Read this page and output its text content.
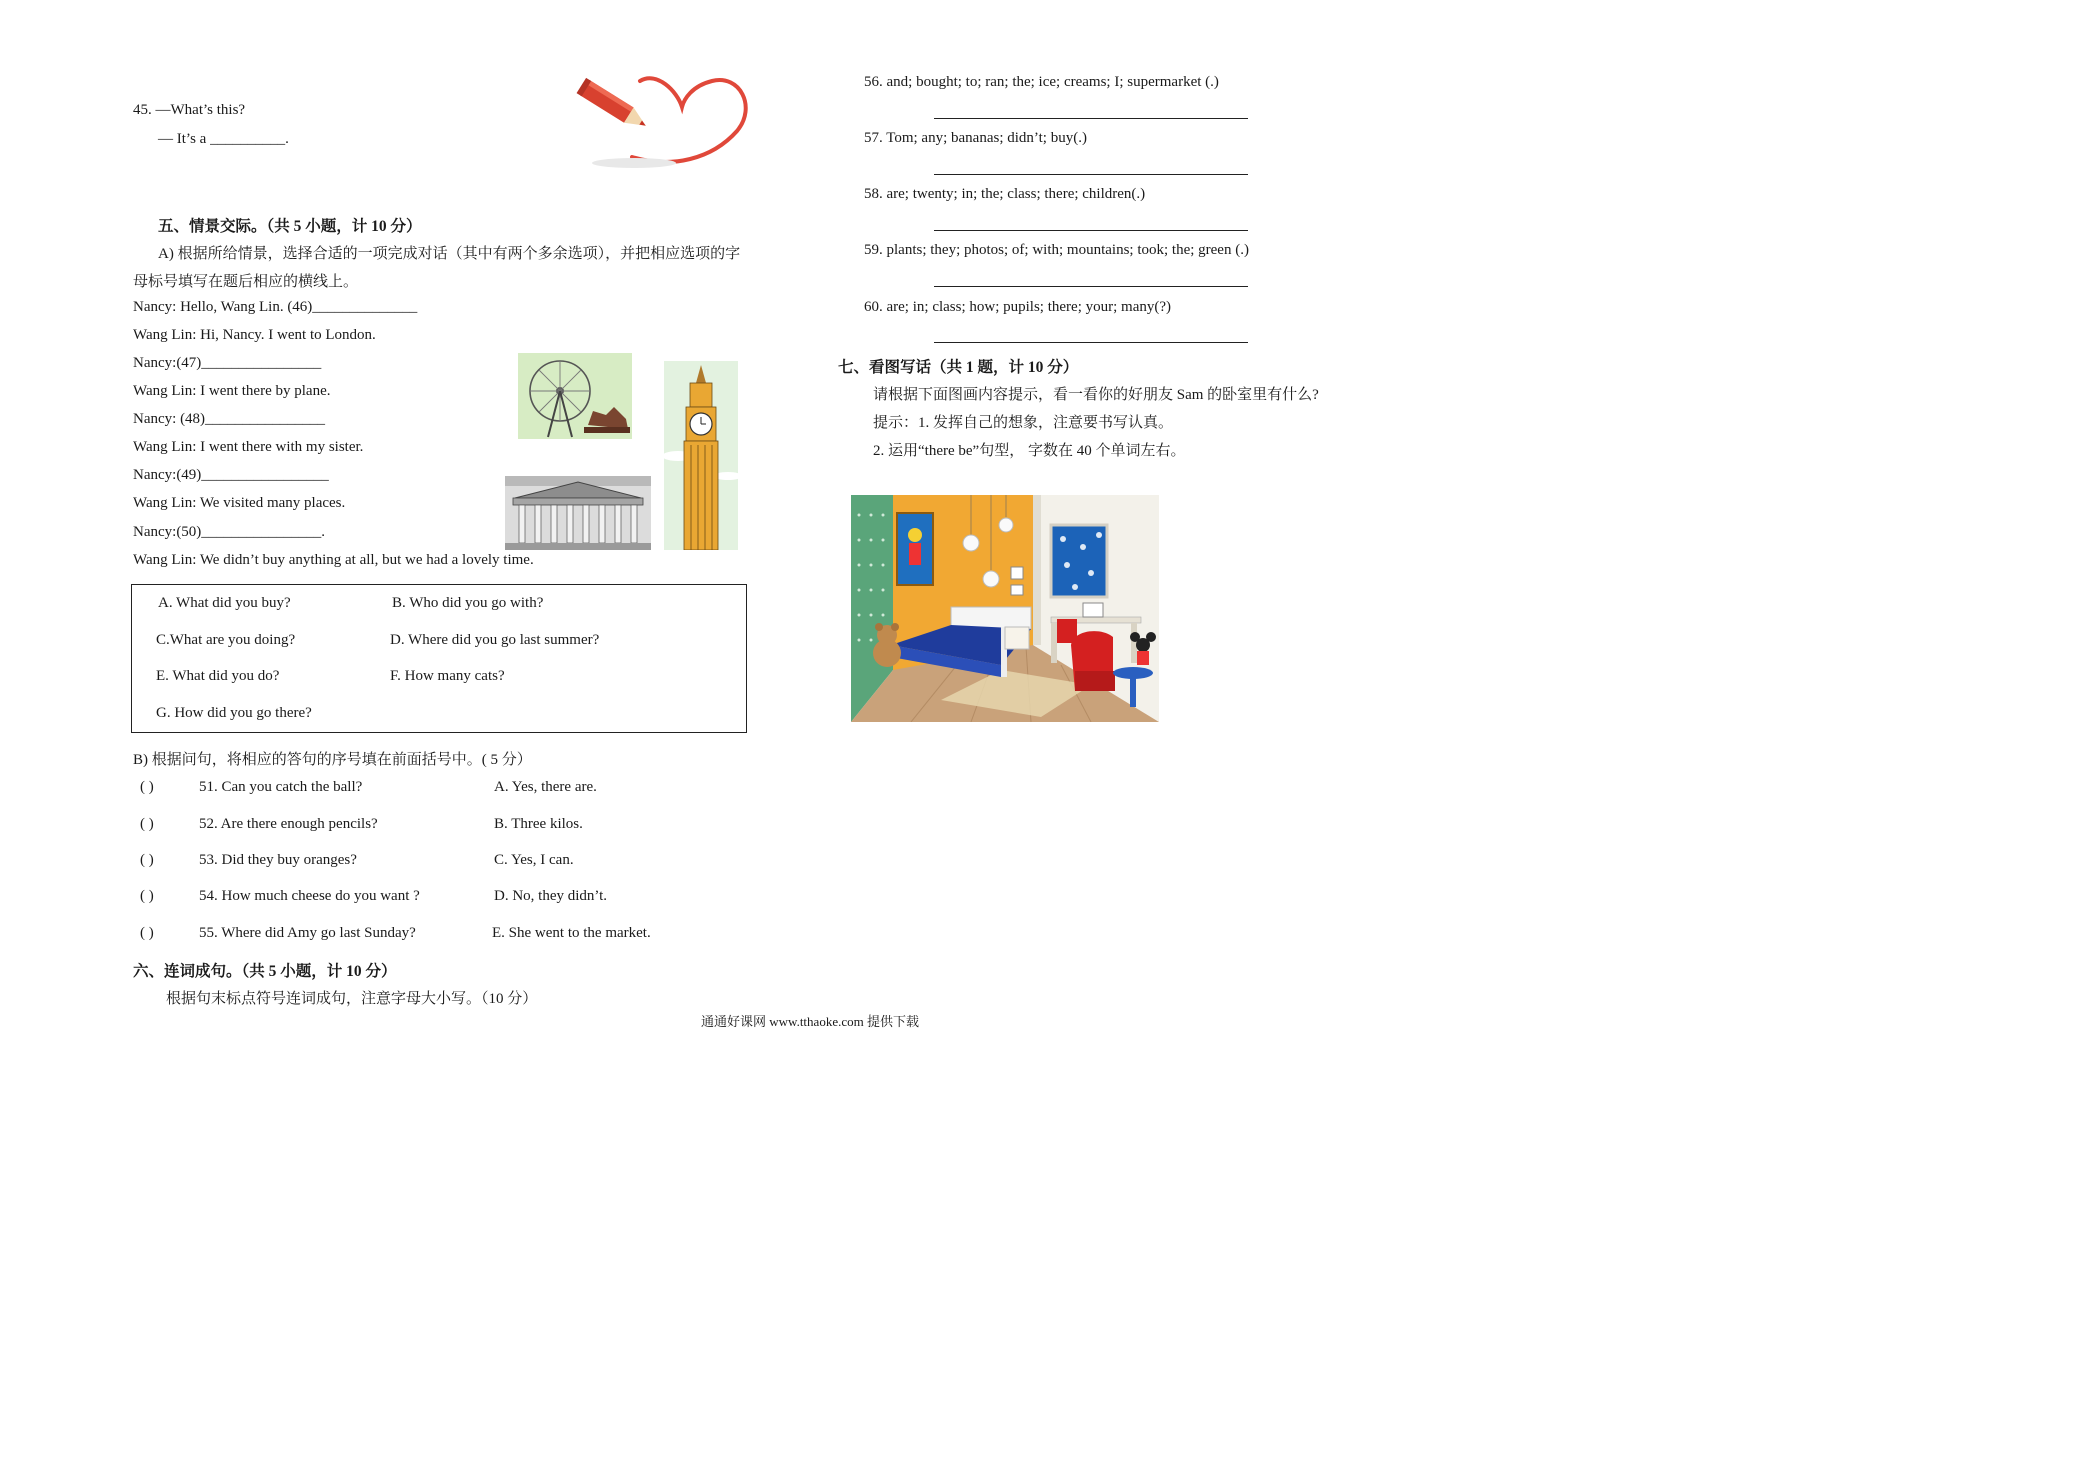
45. —What’s this?
— It’s a __________.
五、情景交际。（共 5 小题，计 10 分）
A) 根据所给情景，选择合适的一项完成对话（其中有两个多余选项），并把相应选项的字
母标号填写在题后相应的横线上。
Nancy: Hello, Wang Lin. (46)______________
Wang Lin: Hi, Nancy. I went to London.
Nancy:(47)________________
Wang Lin: I went there by plane.
Nancy: (48)________________
Wang Lin: I went there with my sister.
Nancy:(49)_________________
Wang Lin: We visited many places.
Nancy:(50)________________.
Wang Lin: We didn’t buy anything at all, but we had a lovely time.
A. What did you buy?	B. Who did you go with?
C.What are you doing?	D. Where did you go last summer?
E. What did you do?	F. How many cats?
G. How did you go there?
B) 根据问句，将相应的答句的序号填在前面括号中。( 5 分）
( )	51. Can you catch the ball?	A. Yes, there are.
( )	52. Are there enough pencils?	B. Three kilos.
( )	53. Did they buy oranges?	C. Yes, I can.
( )	54. How much cheese do you want ?	D. No, they didn’t.
( )	55. Where did Amy go last Sunday?	E. She went to the market.
六、连词成句。（共 5 小题，计 10 分）
根据句末标点符号连词成句，注意字母大小写。（10 分）
通通好课网 www.tthaoke.com 提供下载
56. and; bought; to; ran; the; ice; creams; I; supermarket (.)
57. Tom; any; bananas; didn’t; buy(.)
58. are; twenty; in; the; class; there; children(.)
59. plants; they; photos; of; with; mountains; took; the; green (.)
60. are; in; class; how; pupils; there; your; many(?)
七、看图写话（共 1 题，计 10 分）
请根据下面图画内容提示，看一看你的好朋友 Sam 的卧室里有什么?
提示：1. 发挥自己的想象，注意要书写认真。
2. 运用“there be”句型， 字数在 40 个单词左右。
